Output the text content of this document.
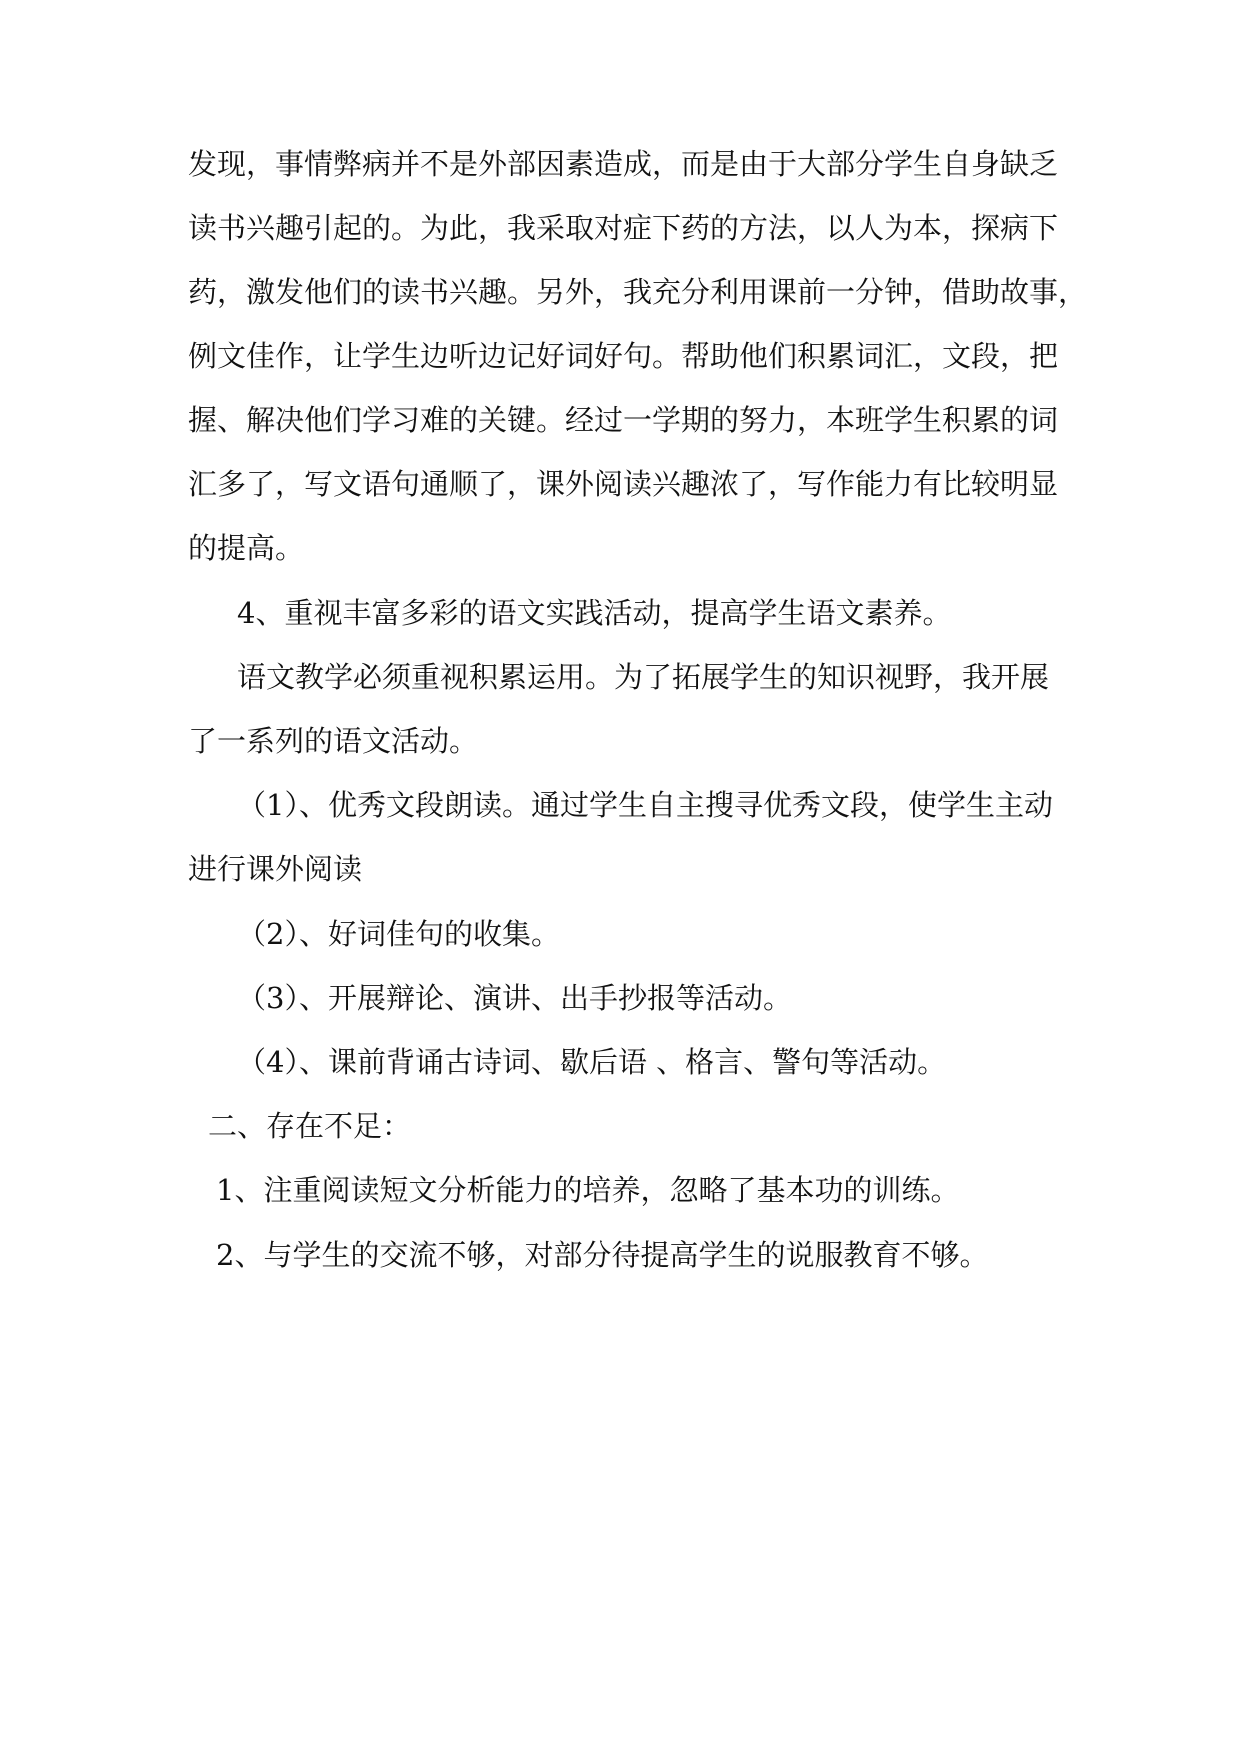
发现，事情弊病并不是外部因素造成，而是由于大部分学生自身缺乏
读书兴趣引起的。为此，我采取对症下药的方法，以人为本，探病下
药，激发他们的读书兴趣。另外，我充分利用课前一分钟，借助故事，
例文佳作，让学生边听边记好词好句。帮助他们积累词汇，文段，把
握、解决他们学习难的关键。经过一学期的努力，本班学生积累的词
汇多了，写文语句通顺了，课外阅读兴趣浓了，写作能力有比较明显
的提高。
4、重视丰富多彩的语文实践活动，提高学生语文素养。
语文教学必须重视积累运用。为了拓展学生的知识视野，我开展
了一系列的语文活动。
（1）、优秀文段朗读。通过学生自主搜寻优秀文段，使学生主动
进行课外阅读
（2）、好词佳句的收集。
（3）、开展辩论、演讲、出手抄报等活动。
（4）、课前背诵古诗词、歇后语 、格言、警句等活动。
二、存在不足：
1、注重阅读短文分析能力的培养，忽略了基本功的训练。
2、与学生的交流不够，对部分待提高学生的说服教育不够。
